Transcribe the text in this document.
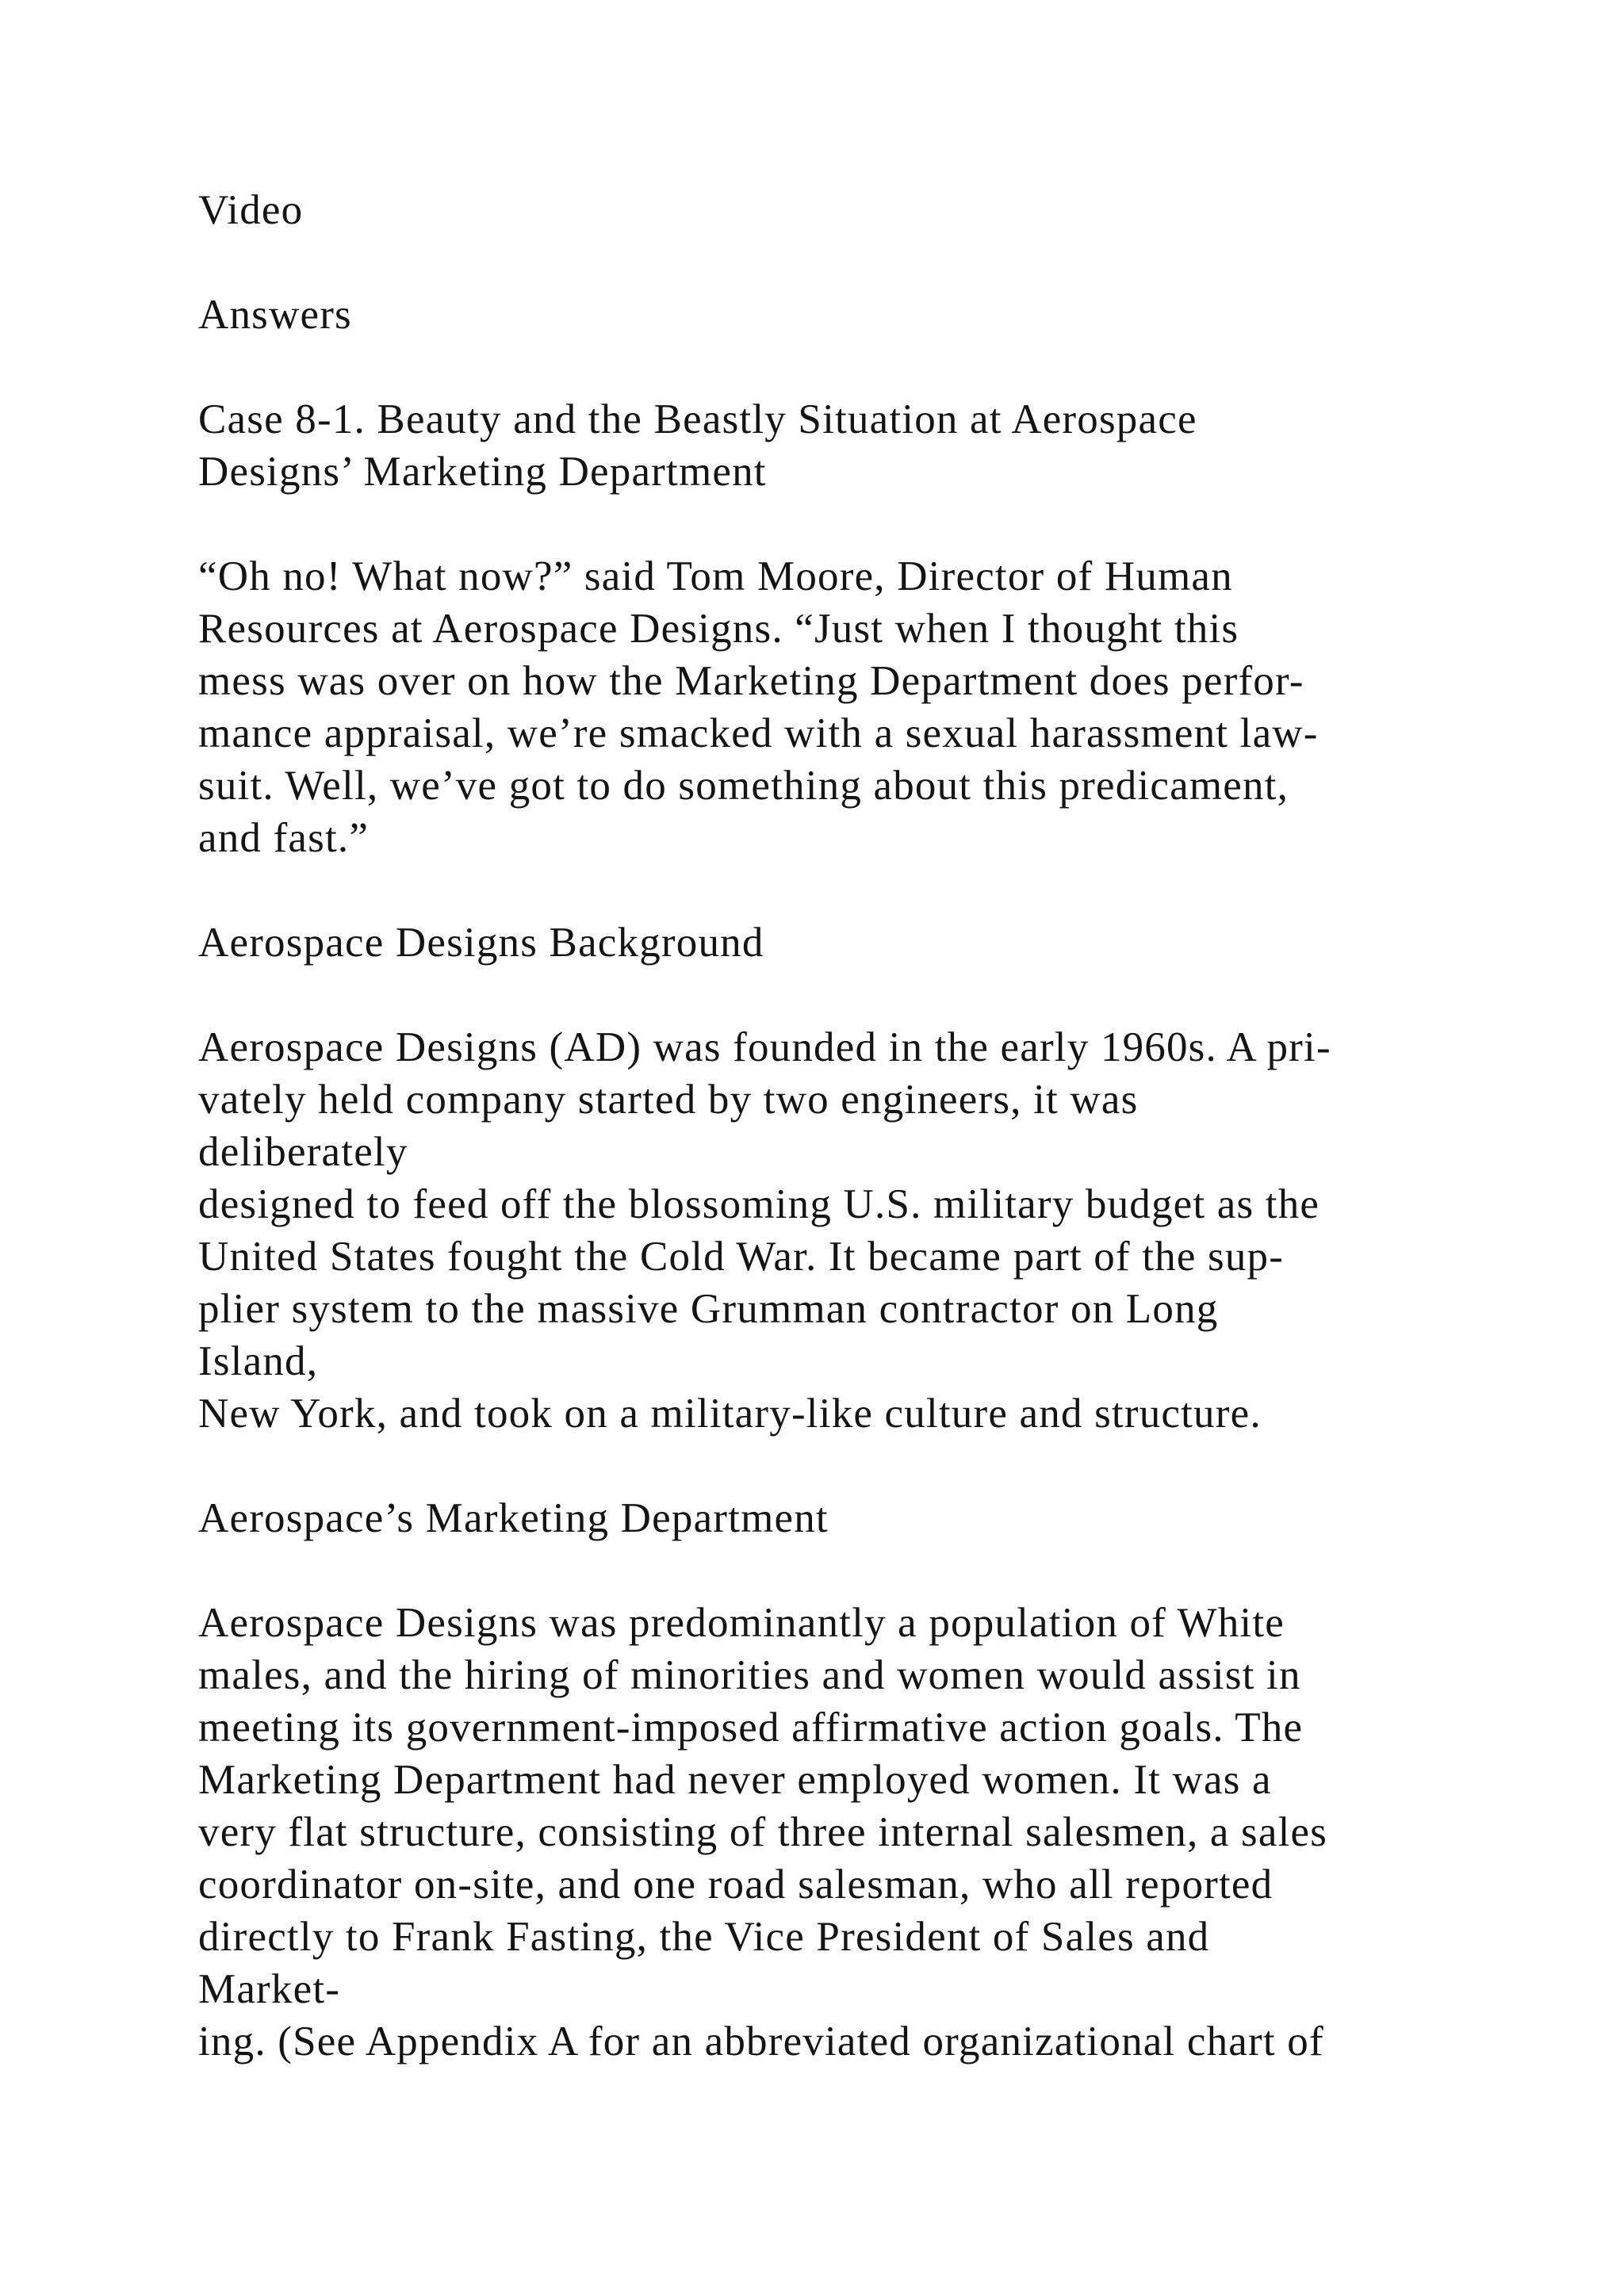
Video

Answers

Case 8-1. Beauty and the Beastly Situation at Aerospace
Designs’ Marketing Department

“Oh no! What now?” said Tom Moore, Director of Human
Resources at Aerospace Designs. “Just when I thought this
mess was over on how the Marketing Department does perfor-
mance appraisal, we’re smacked with a sexual harassment law-
suit. Well, we’ve got to do something about this predicament,
and fast.”

Aerospace Designs Background

Aerospace Designs (AD) was founded in the early 1960s. A pri-
vately held company started by two engineers, it was
deliberately
designed to feed off the blossoming U.S. military budget as the
United States fought the Cold War. It became part of the sup-
plier system to the massive Grumman contractor on Long
Island,
New York, and took on a military-like culture and structure.

Aerospace’s Marketing Department

Aerospace Designs was predominantly a population of White
males, and the hiring of minorities and women would assist in
meeting its government-imposed affirmative action goals. The
Marketing Department had never employed women. It was a
very flat structure, consisting of three internal salesmen, a sales
coordinator on-site, and one road salesman, who all reported
directly to Frank Fasting, the Vice President of Sales and
Market-
ing. (See Appendix A for an abbreviated organizational chart of
